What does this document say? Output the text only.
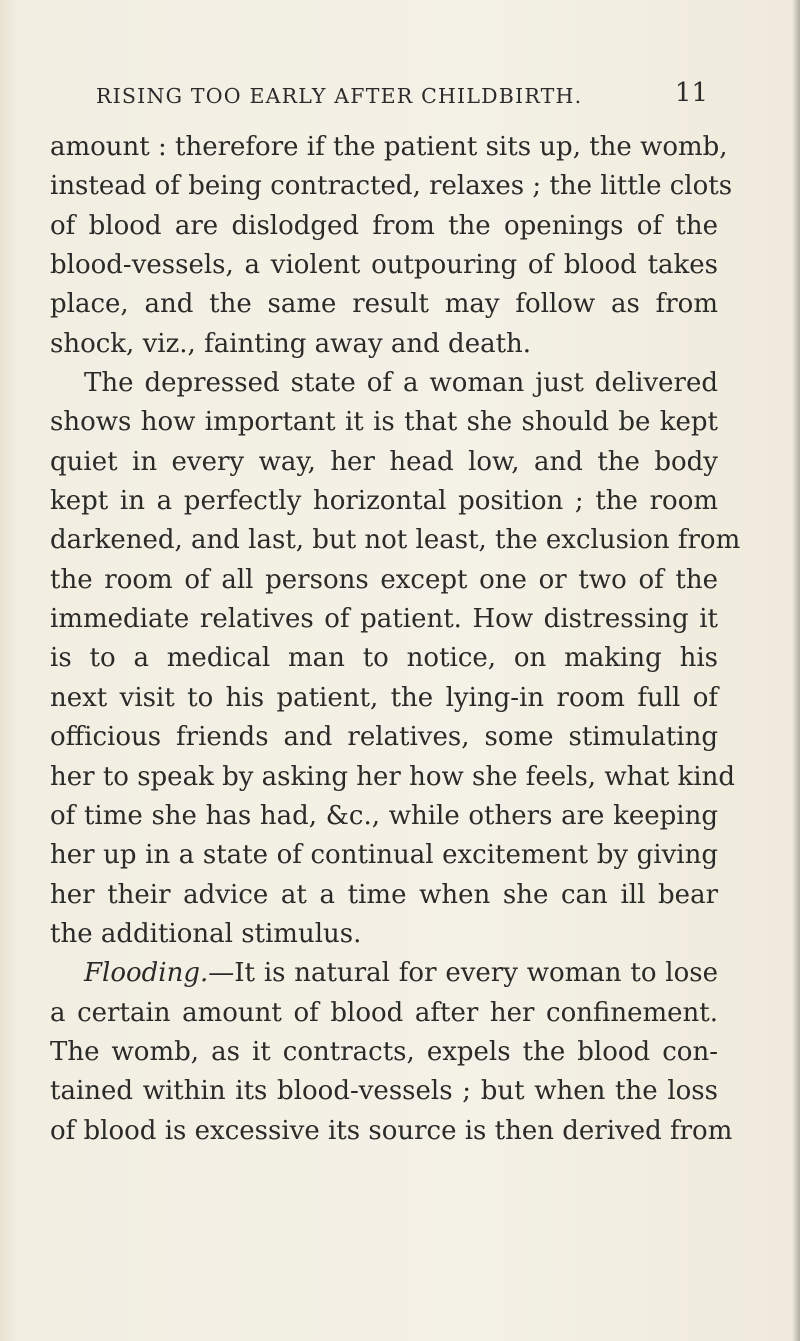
RISING TOO EARLY AFTER CHILDBIRTH.	11

amount : therefore if the patient sits up, the womb,
instead of being contracted, relaxes ; the little clots
of blood are dislodged from the openings of the
blood-vessels, a violent outpouring of blood takes
place, and the same result may follow as from
shock, viz., fainting away and death.

The depressed state of a woman just delivered
shows how important it is that she should be kept
quiet in every way, her head low, and the body
kept in a perfectly horizontal position ; the room
darkened, and last, but not least, the exclusion from
the room of all persons except one or two of the
immediate relatives of patient. How distressing it
is to a medical man to notice, on making his
next visit to his patient, the lying-in room full of
officious friends and relatives, some stimulating
her to speak by asking her how she feels, what kind
of time she has had, &c., while others are keeping
her up in a state of continual excitement by giving
her their advice at a time when she can ill bear
the additional stimulus.

Flooding.—It is natural for every woman to lose
a certain amount of blood after her confinement.
The womb, as it contracts, expels the blood con-
tained within its blood-vessels ; but when the loss
of blood is excessive its source is then derived from
